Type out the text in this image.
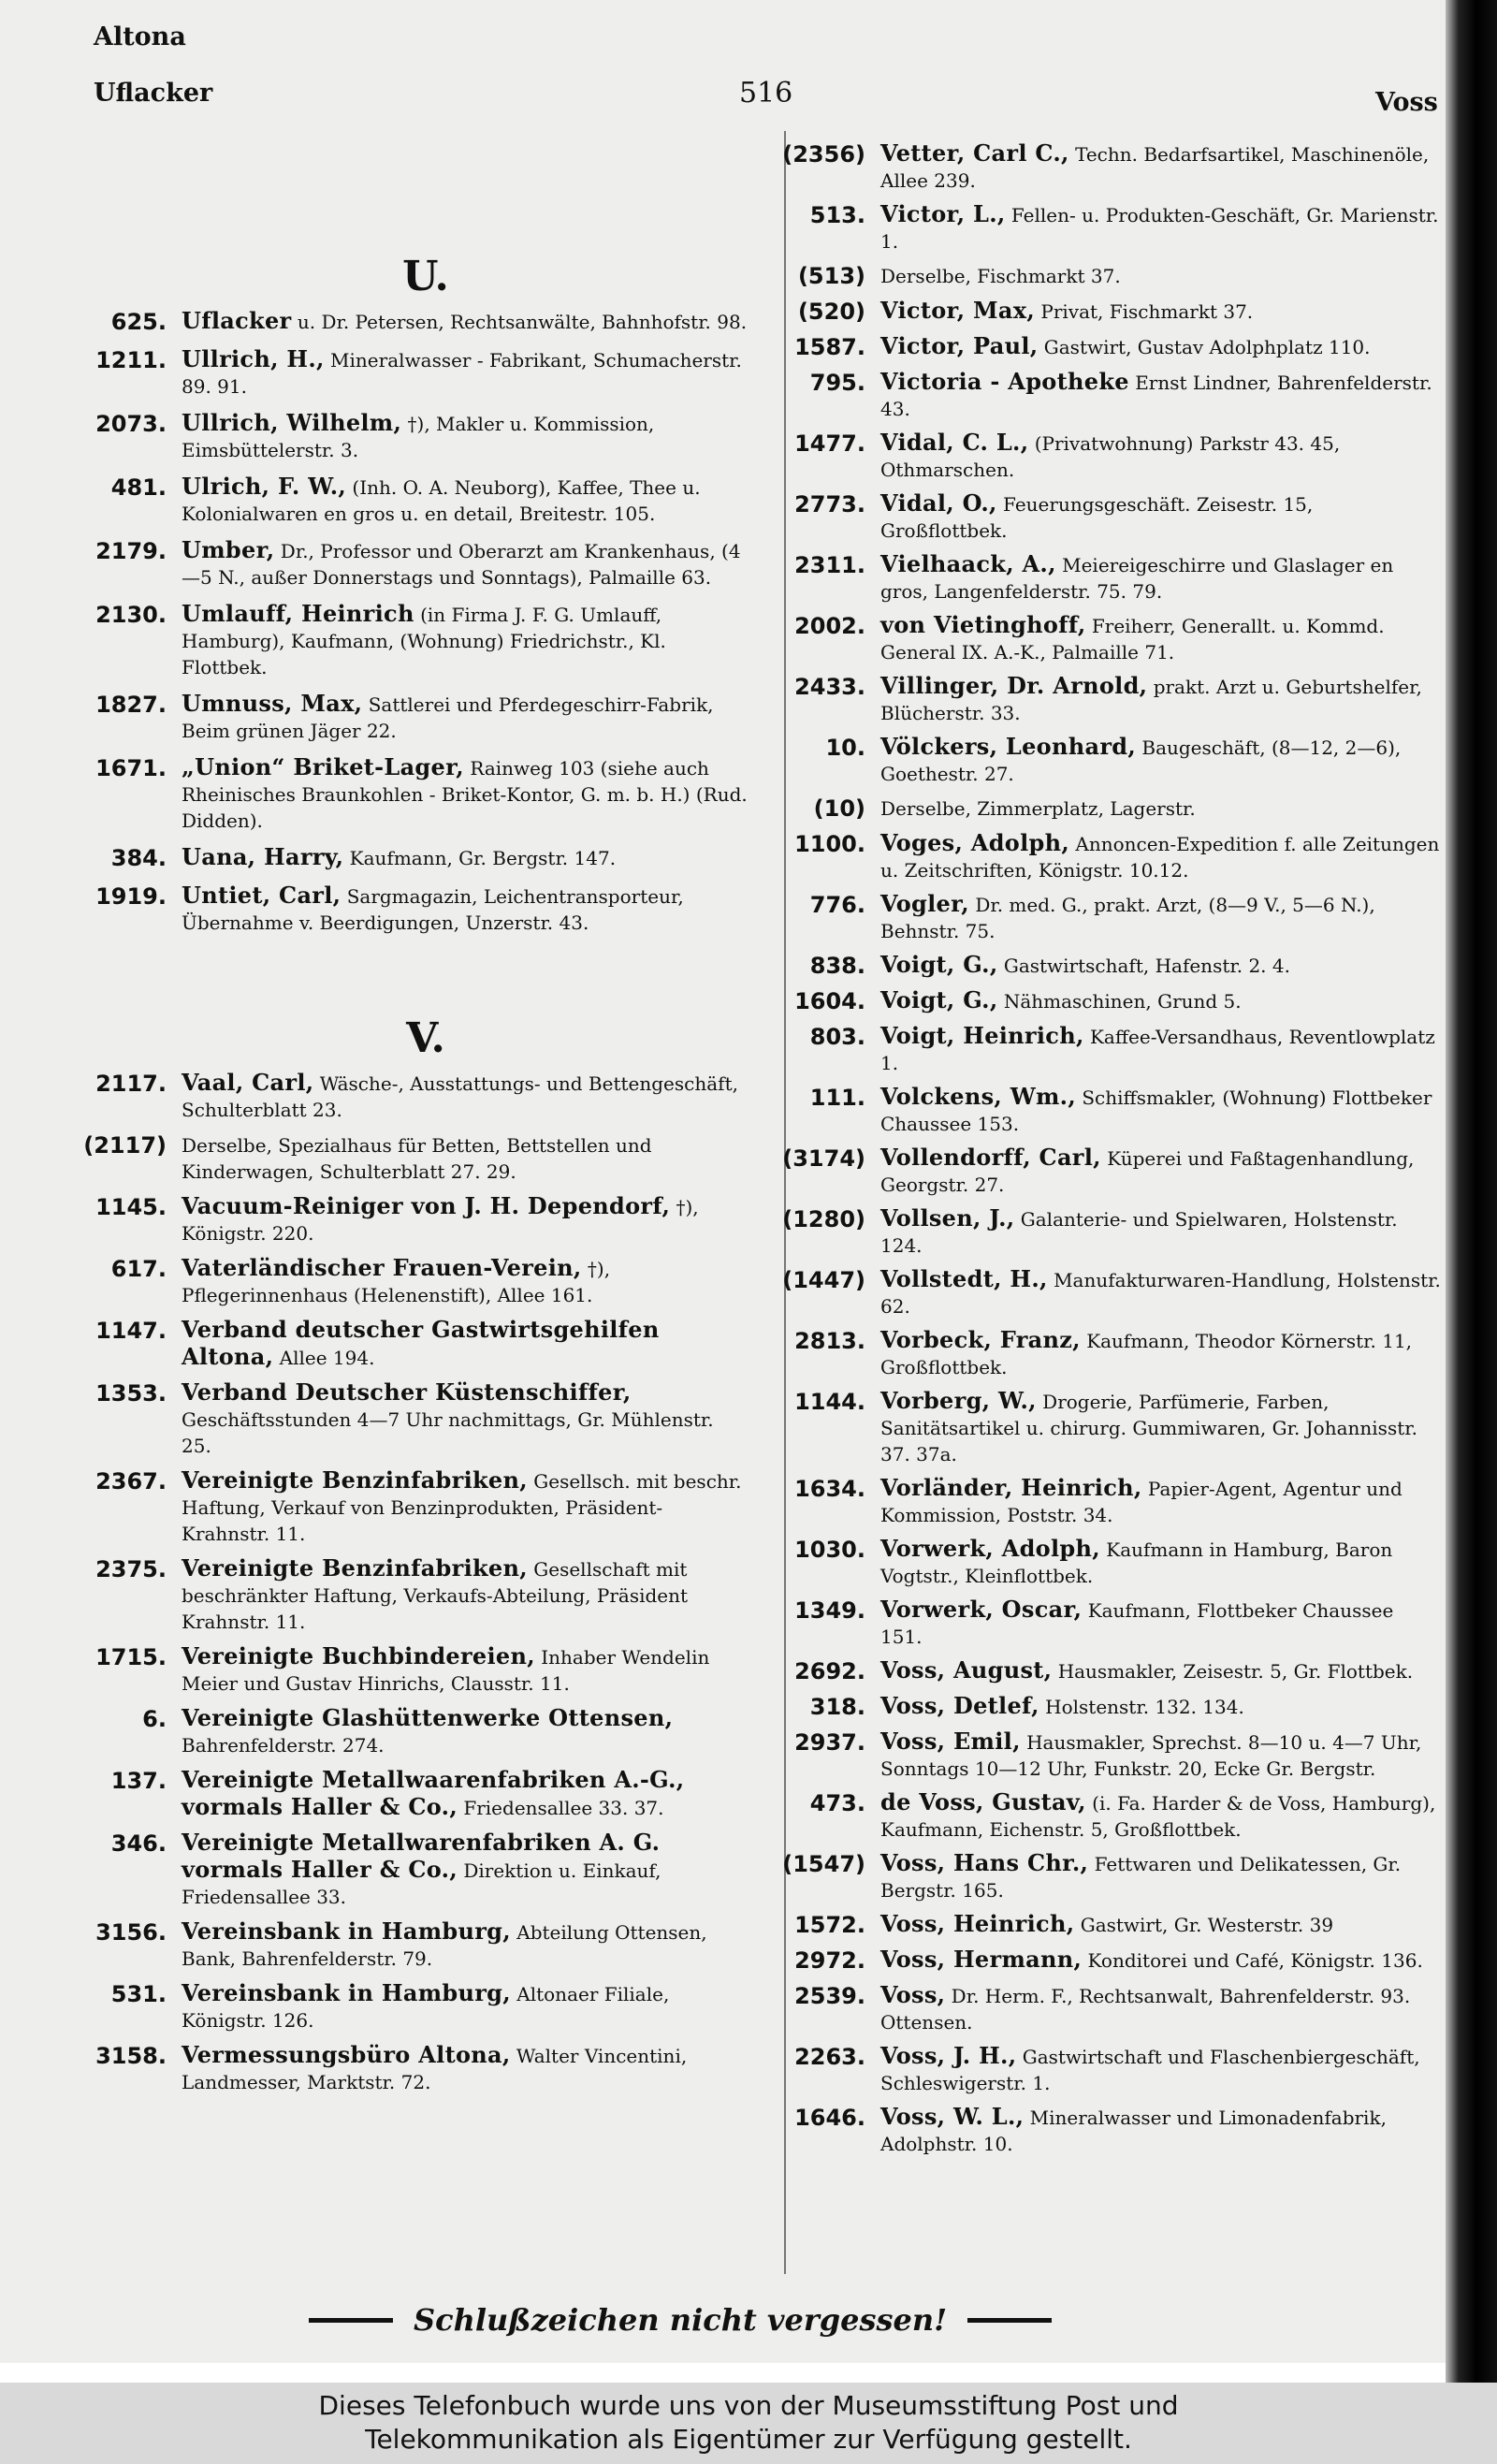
Altona
Uflacker	516	Voss
U.
625. Uflacker u. Dr. Petersen, Rechtsanwälte, Bahnhofstr. 98.
1211. Ullrich, H., Mineralwasser - Fabrikant, Schumacherstr. 89. 91.
2073. Ullrich, Wilhelm, †), Makler u. Kommission, Eimsbüttelerstr. 3.
481. Ulrich, F. W., (Inh. O. A. Neuborg), Kaffee, Thee u. Kolonialwaren en gros u. en detail, Breitestr. 105.
2179. Umber, Dr., Professor und Oberarzt am Krankenhaus, (4—5 N., außer Donnerstags und Sonntags), Palmaille 63.
2130. Umlauff, Heinrich (in Firma J. F. G. Umlauff, Hamburg), Kaufmann, (Wohnung) Friedrichstr., Kl. Flottbek.
1827. Umnuss, Max, Sattlerei und Pferdegeschirr-Fabrik, Beim grünen Jäger 22.
1671. „Union“ Briket-Lager, Rainweg 103 (siehe auch Rheinisches Braunkohlen - Briket-Kontor, G. m. b. H.) (Rud. Didden).
384. Uana, Harry, Kaufmann, Gr. Bergstr. 147.
1919. Untiet, Carl, Sargmagazin, Leichentransporteur, Übernahme v. Beerdigungen, Unzerstr. 43.
V.
2117. Vaal, Carl, Wäsche-, Ausstattungs- und Bettengeschäft, Schulterblatt 23.
(2117) Derselbe, Spezialhaus für Betten, Bettstellen und Kinderwagen, Schulterblatt 27. 29.
1145. Vacuum-Reiniger von J. H. Dependorf, †), Königstr. 220.
617. Vaterländischer Frauen-Verein, †), Pflegerinnenhaus (Helenenstift), Allee 161.
1147. Verband deutscher Gastwirtsgehilfen Altona, Allee 194.
1353. Verband Deutscher Küstenschiffer, Geschäftsstunden 4—7 Uhr nachmittags, Gr. Mühlenstr. 25.
2367. Vereinigte Benzinfabriken, Gesellsch. mit beschr. Haftung, Verkauf von Benzinprodukten, Präsident-Krahnstr. 11.
2375. Vereinigte Benzinfabriken, Gesellschaft mit beschränkter Haftung, Verkaufs-Abteilung, Präsident Krahnstr. 11.
1715. Vereinigte Buchbindereien, Inhaber Wendelin Meier und Gustav Hinrichs, Clausstr. 11.
6. Vereinigte Glashüttenwerke Ottensen, Bahrenfelderstr. 274.
137. Vereinigte Metallwaarenfabriken A.-G., vormals Haller & Co., Friedensallee 33. 37.
346. Vereinigte Metallwarenfabriken A. G. vormals Haller & Co., Direktion u. Einkauf, Friedensallee 33.
3156. Vereinsbank in Hamburg, Abteilung Ottensen, Bank, Bahrenfelderstr. 79.
531. Vereinsbank in Hamburg, Altonaer Filiale, Königstr. 126.
3158. Vermessungsbüro Altona, Walter Vincentini, Landmesser, Marktstr. 72.
(2356) Vetter, Carl C., Techn. Bedarfsartikel, Maschinenöle, Allee 239.
513. Victor, L., Fellen- u. Produkten-Geschäft, Gr. Marienstr. 1.
(513) Derselbe, Fischmarkt 37.
(520) Victor, Max, Privat, Fischmarkt 37.
1587. Victor, Paul, Gastwirt, Gustav Adolphplatz 110.
795. Victoria - Apotheke Ernst Lindner, Bahrenfelderstr. 43.
1477. Vidal, C. L., (Privatwohnung) Parkstr 43. 45, Othmarschen.
2773. Vidal, O., Feuerungsgeschäft. Zeisestr. 15, Großflottbek.
2311. Vielhaack, A., Meiereigeschirre und Glaslager en gros, Langenfelderstr. 75. 79.
2002. von Vietinghoff, Freiherr, Generallt. u. Kommd. General IX. A.-K., Palmaille 71.
2433. Villinger, Dr. Arnold, prakt. Arzt u. Geburtshelfer, Blücherstr. 33.
10. Völckers, Leonhard, Baugeschäft, (8—12, 2—6), Goethestr. 27.
(10) Derselbe, Zimmerplatz, Lagerstr.
1100. Voges, Adolph, Annoncen-Expedition f. alle Zeitungen u. Zeitschriften, Königstr. 10.12.
776. Vogler, Dr. med. G., prakt. Arzt, (8—9 V., 5—6 N.), Behnstr. 75.
838. Voigt, G., Gastwirtschaft, Hafenstr. 2. 4.
1604. Voigt, G., Nähmaschinen, Grund 5.
803. Voigt, Heinrich, Kaffee-Versandhaus, Reventlowplatz 1.
111. Volckens, Wm., Schiffsmakler, (Wohnung) Flottbeker Chaussee 153.
(3174) Vollendorff, Carl, Küperei und Faßtagenhandlung, Georgstr. 27.
(1280) Vollsen, J., Galanterie- und Spielwaren, Holstenstr. 124.
(1447) Vollstedt, H., Manufakturwaren-Handlung, Holstenstr. 62.
2813. Vorbeck, Franz, Kaufmann, Theodor Körnerstr. 11, Großflottbek.
1144. Vorberg, W., Drogerie, Parfümerie, Farben, Sanitätsartikel u. chirurg. Gummiwaren, Gr. Johannisstr. 37. 37a.
1634. Vorländer, Heinrich, Papier-Agent, Agentur und Kommission, Poststr. 34.
1030. Vorwerk, Adolph, Kaufmann in Hamburg, Baron Vogtstr., Kleinflottbek.
1349. Vorwerk, Oscar, Kaufmann, Flottbeker Chaussee 151.
2692. Voss, August, Hausmakler, Zeisestr. 5, Gr. Flottbek.
318. Voss, Detlef, Holstenstr. 132. 134.
2937. Voss, Emil, Hausmakler, Sprechst. 8—10 u. 4—7 Uhr, Sonntags 10—12 Uhr, Funkstr. 20, Ecke Gr. Bergstr.
473. de Voss, Gustav, (i. Fa. Harder & de Voss, Hamburg), Kaufmann, Eichenstr. 5, Großflottbek.
(1547) Voss, Hans Chr., Fettwaren und Delikatessen, Gr. Bergstr. 165.
1572. Voss, Heinrich, Gastwirt, Gr. Westerstr. 39
2972. Voss, Hermann, Konditorei und Café, Königstr. 136.
2539. Voss, Dr. Herm. F., Rechtsanwalt, Bahrenfelderstr. 93. Ottensen.
2263. Voss, J. H., Gastwirtschaft und Flaschenbiergeschäft, Schleswigerstr. 1.
1646. Voss, W. L., Mineralwasser und Limonadenfabrik, Adolphstr. 10.
Schlußzeichen nicht vergessen!
Dieses Telefonbuch wurde uns von der Museumsstiftung Post und
Telekommunikation als Eigentümer zur Verfügung gestellt.
